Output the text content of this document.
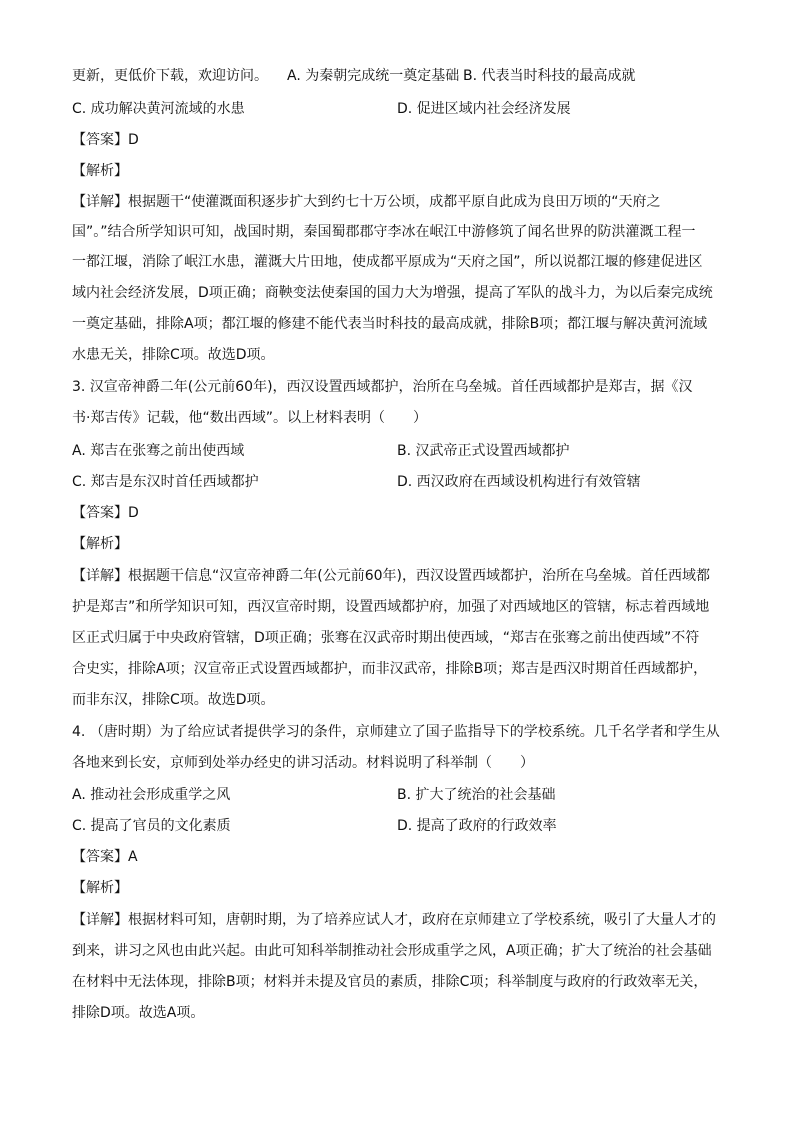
更新，更低价下载，欢迎访问。	A. 为秦朝完成统一奠定基础 B. 代表当时科技的最高成就
C. 成功解决黄河流域的水患	D. 促进区域内社会经济发展
【答案】D
【解析】
【详解】根据题干“使灌溉面积逐步扩大到约七十万公顷，成都平原自此成为良田万顷的“天府之
国”。”结合所学知识可知，战国时期，秦国蜀郡郡守李冰在岷江中游修筑了闻名世界的防洪灌溉工程一
一都江堰，消除了岷江水患，灌溉大片田地，使成都平原成为“天府之国”，所以说都江堰的修建促进区
域内社会经济发展，D项正确；商鞅变法使秦国的国力大为增强，提高了军队的战斗力，为以后秦完成统
一奠定基础，排除A项；都江堰的修建不能代表当时科技的最高成就，排除B项；都江堰与解决黄河流域
水患无关，排除C项。故选D项。
3. 汉宣帝神爵二年(公元前60年)，西汉设置西域都护，治所在乌垒城。首任西域都护是郑吉，据《汉
书·郑吉传》记载，他“数出西域”。以上材料表明（　　）
A. 郑吉在张骞之前出使西域	B. 汉武帝正式设置西域都护
C. 郑吉是东汉时首任西域都护	D. 西汉政府在西域设机构进行有效管辖
【答案】D
【解析】
【详解】根据题干信息“汉宣帝神爵二年(公元前60年)，西汉设置西域都护，治所在乌垒城。首任西域都
护是郑吉”和所学知识可知，西汉宣帝时期，设置西域都护府，加强了对西域地区的管辖，标志着西域地
区正式归属于中央政府管辖，D项正确；张骞在汉武帝时期出使西域，“郑吉在张骞之前出使西域”不符
合史实，排除A项；汉宣帝正式设置西域都护，而非汉武帝，排除B项；郑吉是西汉时期首任西域都护，
而非东汉，排除C项。故选D项。
4. （唐时期）为了给应试者提供学习的条件，京师建立了国子监指导下的学校系统。几千名学者和学生从
各地来到长安，京师到处举办经史的讲习活动。材料说明了科举制（　　）
A. 推动社会形成重学之风	B. 扩大了统治的社会基础
C. 提高了官员的文化素质	D. 提高了政府的行政效率
【答案】A
【解析】
【详解】根据材料可知，唐朝时期，为了培养应试人才，政府在京师建立了学校系统，吸引了大量人才的
到来，讲习之风也由此兴起。由此可知科举制推动社会形成重学之风，A项正确；扩大了统治的社会基础
在材料中无法体现，排除B项；材料并未提及官员的素质，排除C项；科举制度与政府的行政效率无关，
排除D项。故选A项。
